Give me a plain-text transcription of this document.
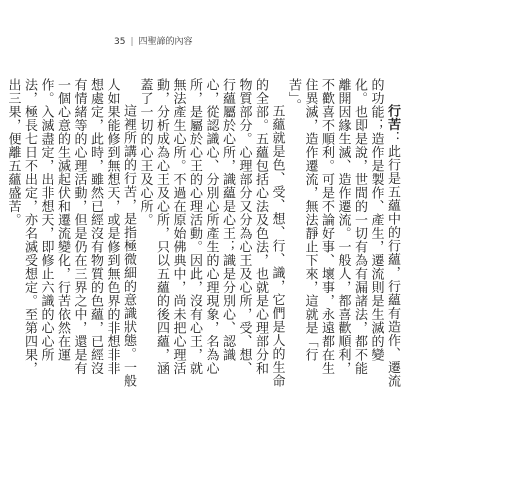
35 | 四聖諦的內容

行苦：此行是五蘊中的行蘊，行蘊有造作、遷流的功能；造作是製作、產生，遷流則是生滅的變化。也即是說，世間的一切有為有漏諸法，都不能離開因緣生滅、造作遷流。一般人，都喜歡順利，不歡喜不順利。可是不論好事、壞事，永遠都在生住異滅，造作遷流，無法靜止下來，這就是「行苦」。

五蘊就是色、受、想、行、識，它們是人的生命的全部。五蘊包括心法及色法，也就是心理部分和物質部分。心理部分又分為心王及心所，受、想、行蘊屬於心所，識蘊是心王；識是分別心、認識心，從認識心、分別心所產生的心理現象，名為心所，是屬於心王的心理活動。因此，沒有心王，就無法產生心所。不過在原始佛典中，尚未把心理活動，分析成為心王及心所，只以五蘊的後四蘊，涵蓋了一切的心王及心所。

這裡所講的行苦，是指極微細的意識狀態。一般人如果能修到無想天，或是修到無色界的非想非非想處定，此時，雖然已經沒有物質的色蘊，已經沒有情緒等的心理活動，但是仍在三界之中，還是有一個心意的生滅起伏和遷流變化，行苦依然在運作。入滅盡定，出非想天，即修止六識的心心所法，極長七日不出定，亦名滅受想定。至第四果，出三果，便離五蘊盛苦。
